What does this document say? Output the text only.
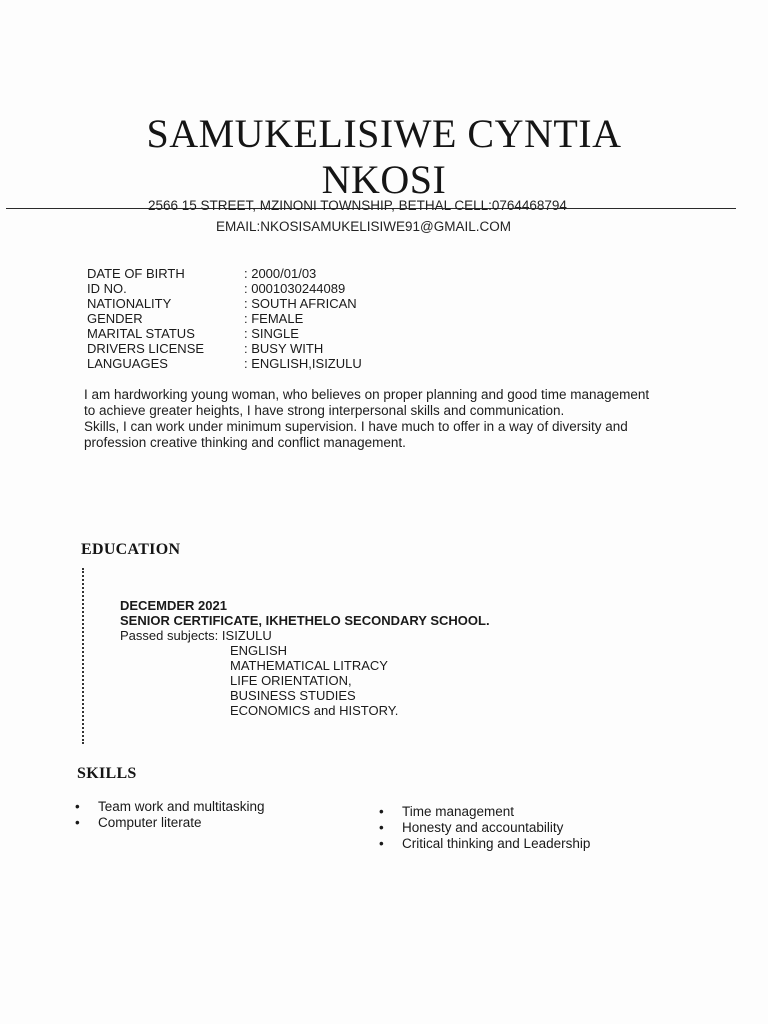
SAMUKELISIWE CYNTIA
NKOSI
2566 15 STREET, MZINONI TOWNSHIP, BETHAL CELL:0764468794
EMAIL:NKOSISAMUKELISIWE91@GMAIL.COM
DATE OF BIRTH	: 2000/01/03
ID NO.	: 0001030244089
NATIONALITY	: SOUTH AFRICAN
GENDER	: FEMALE
MARITAL STATUS	: SINGLE
DRIVERS LICENSE	: BUSY WITH
LANGUAGES	: ENGLISH,ISIZULU

I am hardworking young woman, who believes on proper planning and good time management to achieve greater heights, I have strong interpersonal skills and communication.

Skills, I can work under minimum supervision. I have much to offer in a way of diversity and profession creative thinking and conflict management.

EDUCATION
DECEMDER 2021
SENIOR CERTIFICATE, IKHETHELO SECONDARY SCHOOL.
Passed subjects: ISIZULU
ENGLISH
MATHEMATICAL LITRACY
LIFE ORIENTATION,
BUSINESS STUDIES
ECONOMICS and HISTORY.
SKILLS
• Team work and multitasking
• Computer literate
• Time management
• Honesty and accountability
• Critical thinking and Leadership
